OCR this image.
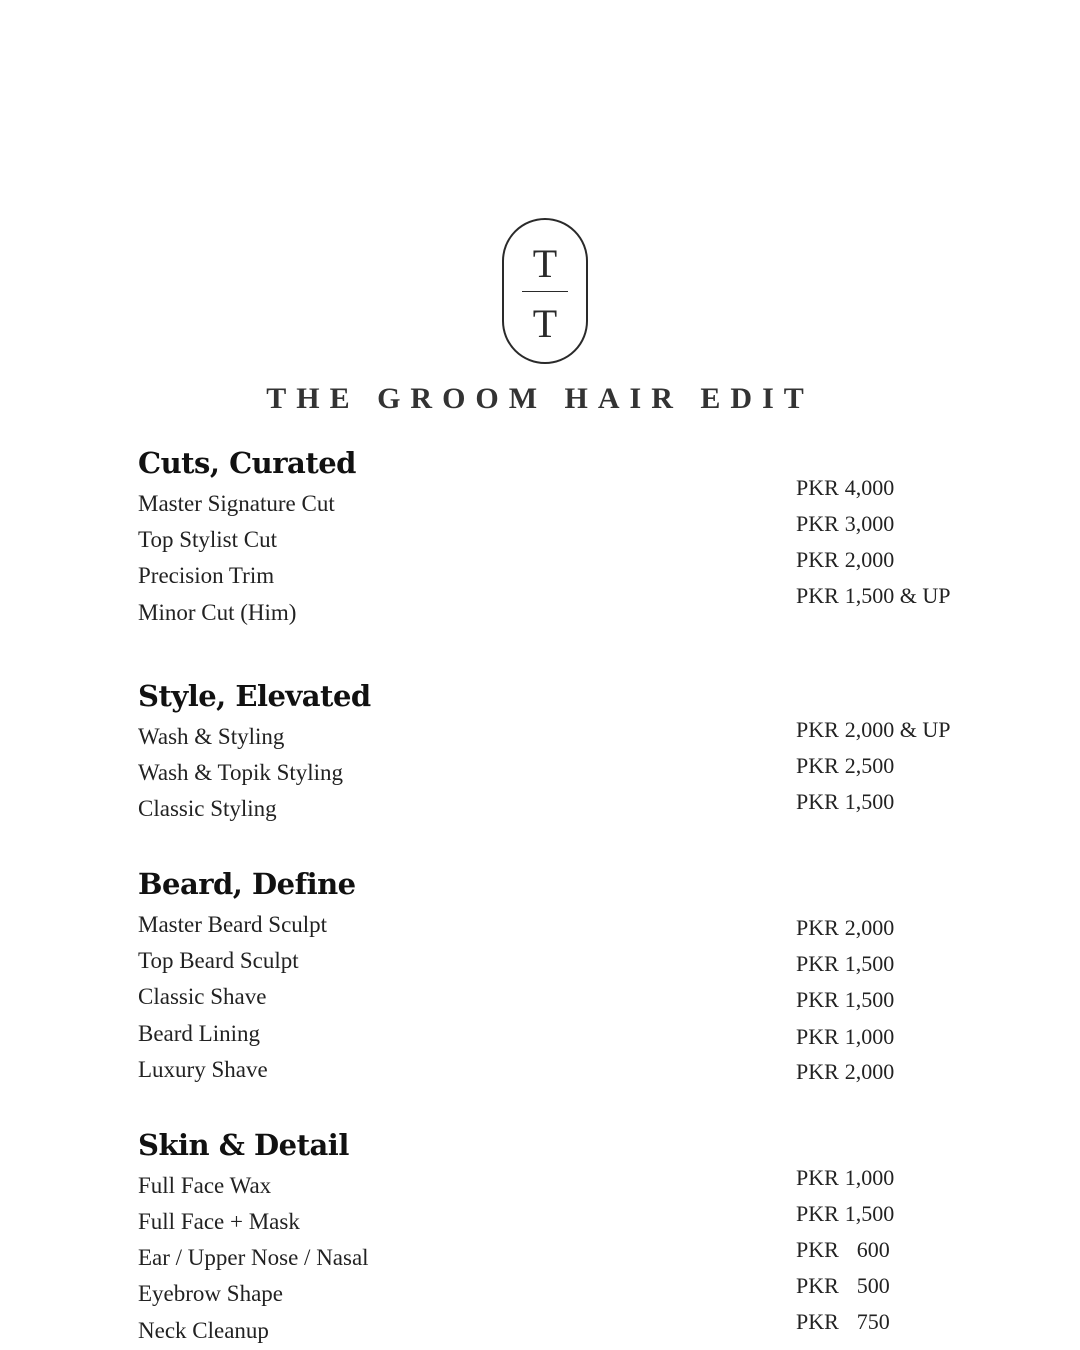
T
T
THE GROOM HAIR EDIT
Cuts, Curated
Master Signature Cut
Top Stylist Cut
Precision Trim
Minor Cut (Him)
PKR 4,000
PKR 3,000
PKR 2,000
PKR 1,500 & UP
Style, Elevated
Wash & Styling
Wash & Topik Styling
Classic Styling
PKR 2,000 & UP
PKR 2,500
PKR 1,500
Beard, Define
Master Beard Sculpt
Top Beard Sculpt
Classic Shave
Beard Lining
Luxury Shave
PKR 2,000
PKR 1,500
PKR 1,500
PKR 1,000
PKR 2,000
Skin & Detail
Full Face Wax
Full Face + Mask
Ear / Upper Nose / Nasal
Eyebrow Shape
Neck Cleanup
PKR 1,000
PKR 1,500
PKR 600
PKR 500
PKR 750
